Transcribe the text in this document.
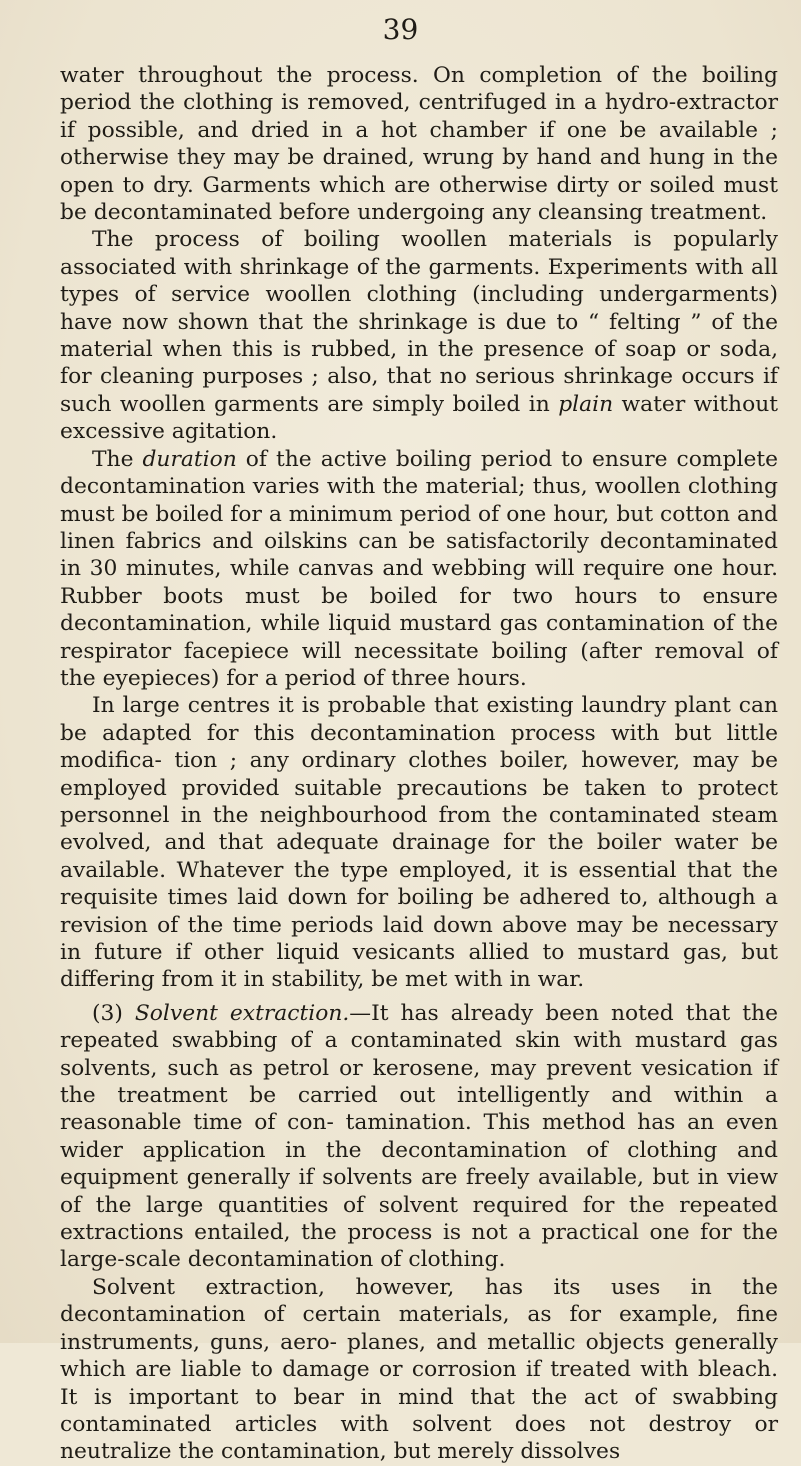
39

water throughout the process. On completion of the boiling period the clothing is removed, centrifuged in a hydro-extractor if possible, and dried in a hot chamber if one be available ; otherwise they may be drained, wrung by hand and hung in the open to dry. Garments which are otherwise dirty or soiled must be decontaminated before undergoing any cleansing treatment.

The process of boiling woollen materials is popularly associated with shrinkage of the garments. Experiments with all types of service woollen clothing (including undergarments) have now shown that the shrinkage is due to “ felting ” of the material when this is rubbed, in the presence of soap or soda, for cleaning purposes ; also, that no serious shrinkage occurs if such woollen garments are simply boiled in plain water without excessive agitation.

The duration of the active boiling period to ensure complete decontamination varies with the material; thus, woollen clothing must be boiled for a minimum period of one hour, but cotton and linen fabrics and oilskins can be satisfactorily decontaminated in 30 minutes, while canvas and webbing will require one hour. Rubber boots must be boiled for two hours to ensure decontamination, while liquid mustard gas contamination of the respirator facepiece will necessitate boiling (after removal of the eyepieces) for a period of three hours.

In large centres it is probable that existing laundry plant can be adapted for this decontamination process with but little modifica- tion ; any ordinary clothes boiler, however, may be employed provided suitable precautions be taken to protect personnel in the neighbourhood from the contaminated steam evolved, and that adequate drainage for the boiler water be available. Whatever the type employed, it is essential that the requisite times laid down for boiling be adhered to, although a revision of the time periods laid down above may be necessary in future if other liquid vesicants allied to mustard gas, but differing from it in stability, be met with in war.

(3) Solvent extraction.—It has already been noted that the repeated swabbing of a contaminated skin with mustard gas solvents, such as petrol or kerosene, may prevent vesication if the treatment be carried out intelligently and within a reasonable time of con- tamination. This method has an even wider application in the decontamination of clothing and equipment generally if solvents are freely available, but in view of the large quantities of solvent required for the repeated extractions entailed, the process is not a practical one for the large-scale decontamination of clothing.

Solvent extraction, however, has its uses in the decontamination of certain materials, as for example, fine instruments, guns, aero- planes, and metallic objects generally which are liable to damage or corrosion if treated with bleach. It is important to bear in mind that the act of swabbing contaminated articles with solvent does not destroy or neutralize the contamination, but merely dissolves
